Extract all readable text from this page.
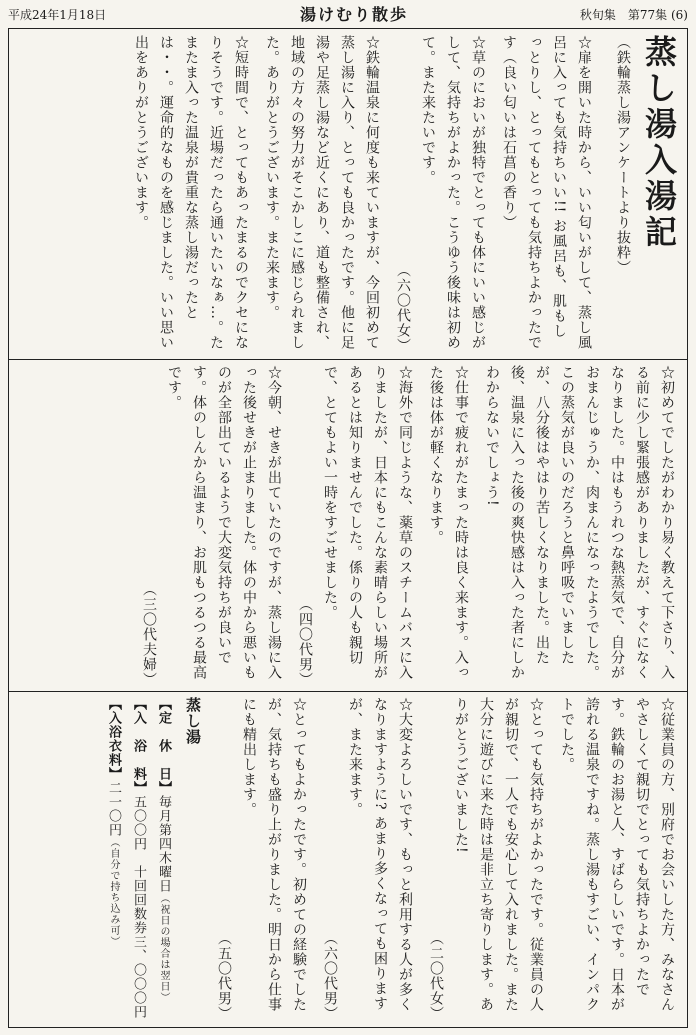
平成24年1月18日	湯けむり散歩	秋旬集　第77集 (6)
蒸し湯入湯記
（鉄輪蒸し湯アンケートより抜粋）

☆扉を開いた時から、いい匂いがして、蒸し風呂に入っても気持ちいい!! お風呂も、肌もしっとりし、とってもとっても気持ちよかったです（良い匂いは石菖の香り）

☆草のにおいが独特でとっても体にいい感じがして、気持ちがよかった。こうゆう後味は初めて。また来たいです。
（六〇代女）

☆鉄輪温泉に何度も来ていますが、今回初めて蒸し湯に入り、とっても良かったです。他に足湯や足蒸し湯など近くにあり、道も整備され、地域の方々の努力がそこかしこに感じられました。ありがとうございます。また来ます。

☆短時間で、とってもあったまるのでクセになりそうです。近場だったら通いたいなぁ…。たまたま入った温泉が貴重な蒸し湯だったとは・・。運命的なものを感じました。いい思い出をありがとうございます。

☆初めてでしたがわかり易く教えて下さり、入る前に少し緊張感がありましたが、すぐになくなりました。中はもうれつな熱蒸気で、自分がおまんじゅうか、肉まんになったようでした。この蒸気が良いのだろうと鼻呼吸でいましたが、八分後はやはり苦しくなりました。出た後、温泉に入った後の爽快感は入った者にしかわからないでしょう!

☆仕事で疲れがたまった時は良く来ます。入った後は体が軽くなります。

☆海外で同じような、薬草のスチームバスに入りましたが、日本にもこんな素晴らしい場所があるとは知りませんでした。係りの人も親切で、とてもよい一時をすごせました。
（四〇代男）

☆今朝、せきが出ていたのですが、蒸し湯に入った後せきが止まりました。体の中から悪いものが全部出ているようで大変気持ちが良いです。体のしんから温まり、お肌もつるつる最高です。
（三〇代夫婦）

☆従業員の方、別府でお会いした方、みなさんやさしくて親切でとっても気持ちよかったです。鉄輪のお湯と人、すばらしいです。日本が誇れる温泉ですね。蒸し湯もすごい、インパクトでした。

☆とっても気持ちがよかったです。従業員の人が親切で、一人でも安心して入れました。また大分に遊びに来た時は是非立ち寄りします。ありがとうございました!
（二〇代女）

☆大変よろしいです、もっと利用する人が多くなりますように? あまり多くなっても困りますが、また来ます。
（六〇代男）

☆とってもよかったです。初めての経験でしたが、気持ちも盛り上がりました。明日から仕事にも精出します。
（五〇代男）

蒸し湯

【定　休　日】毎月第四木曜日（祝日の場合は翌日）

【入　浴　料】五〇〇円　十回回数券三、〇〇〇円

【入浴衣料】二一〇円（自分で持ち込み可）
